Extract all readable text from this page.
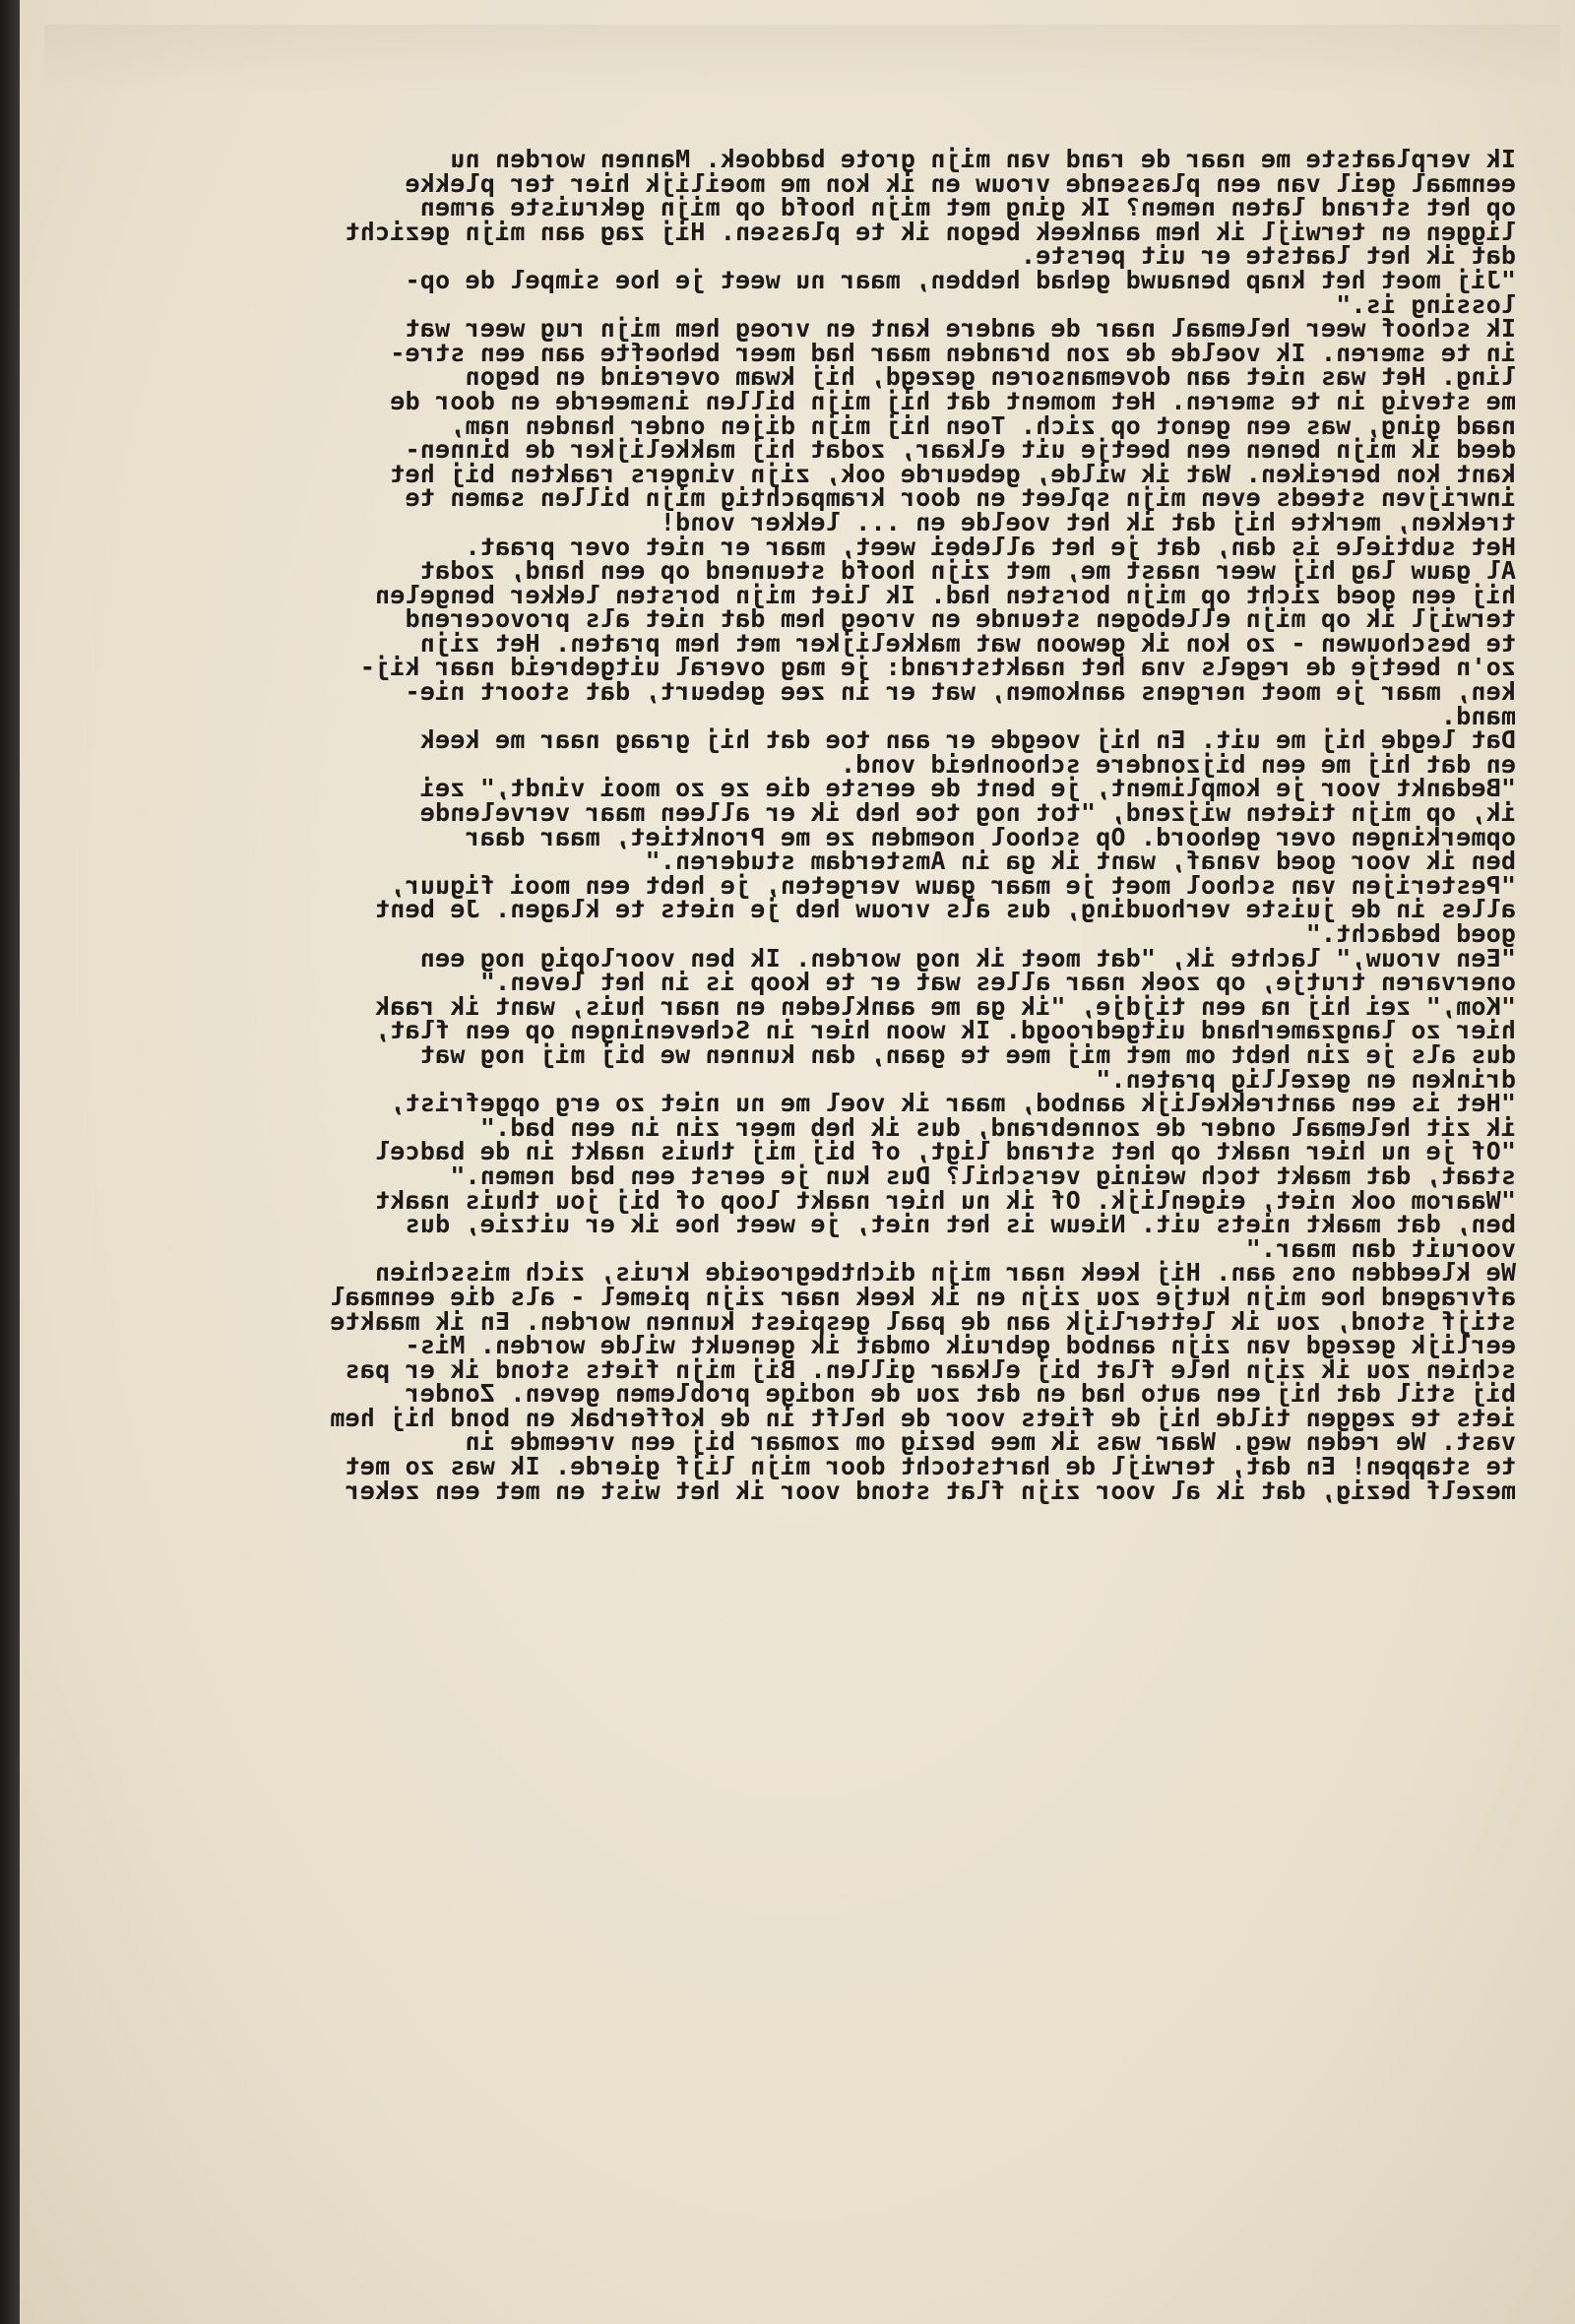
Ik verplaatste me naar de rand van mijn grote baddoek. Mannen worden nu
eenmaal geil van een plassende vrouw en ik kon me moeilijk hier ter plekke
op het strand laten nemen? Ik ging met mijn hoofd op mijn gekruiste armen
liggen en terwijl ik hem aankeek begon ik te plassen. Hij zag aan mijn gezicht
dat ik het laatste er uit perste.
"Jij moet het knap benauwd gehad hebben, maar nu weet je hoe simpel de op-
lossing is."
Ik schoof weer helemaal naar de andere kant en vroeg hem mijn rug weer wat
in te smeren. Ik voelde de zon branden maar had meer behoefte aan een stre-
ling. Het was niet aan dovemansoren gezegd, hij kwam overeind en begon
me stevig in te smeren. Het moment dat hij mijn billen insmeerde en door de
naad ging, was een genot op zich. Toen hij mijn dijen onder handen nam,
deed ik mijn benen een beetje uit elkaar, zodat hij makkelijker de binnen-
kant kon bereiken. Wat ik wilde, gebeurde ook, zijn vingers raakten bij het
inwrijven steeds even mijn spleet en door krampachtig mijn billen samen te
trekken, merkte hij dat ik het voelde en ... lekker vond!
Het subtiele is dan, dat je het allebei weet, maar er niet over praat.
Al gauw lag hij weer naast me, met zijn hoofd steunend op een hand, zodat
hij een goed zicht op mijn borsten had. Ik liet mijn borsten lekker bengelen
terwijl ik op mijn ellebogen steunde en vroeg hem dat niet als provocerend
te beschouwen - zo kon ik gewoon wat makkelijker met hem praten. Het zijn
zo'n beetje de regels vna het naaktstrand: je mag overal uitgebreid naar kij-
ken, maar je moet nergens aankomen, wat er in zee gebeurt, dat stoort nie-
mand.
Dat legde hij me uit. En hij voegde er aan toe dat hij graag naar me keek
en dat hij me een bijzondere schoonheid vond.
"Bedankt voor je kompliment, je bent de eerste die ze zo mooi vindt," zei
ik, op mijn tieten wijzend, "tot nog toe heb ik er alleen maar vervelende
opmerkingen over gehoord. Op school noemden ze me Pronktiet, maar daar
ben ik voor goed vanaf, want ik ga in Amsterdam studeren."
"Pesterijen van school moet je maar gauw vergeten, je hebt een mooi figuur,
alles in de juiste verhouding, dus als vrouw heb je niets te klagen. Je bent
goed bedacht."
"Een vrouw," lachte ik, "dat moet ik nog worden. Ik ben voorlopig nog een
onervaren trutje, op zoek naar alles wat er te koop is in het leven."
"Kom," zei hij na een tijdje, "ik ga me aankleden en naar huis, want ik raak
hier zo langzamerhand uitgedroogd. Ik woon hier in Scheveningen op een flat,
dus als je zin hebt om met mij mee te gaan, dan kunnen we bij mij nog wat
drinken en gezellig praten."
"Het is een aantrekkelijk aanbod, maar ik voel me nu niet zo erg opgefrist,
ik zit helemaal onder de zonnebrand, dus ik heb meer zin in een bad."
"Of je nu hier naakt op het strand ligt, of bij mij thuis naakt in de badcel
staat, dat maakt toch weinig verschil? Dus kun je eerst een bad nemen."
"Waarom ook niet, eigenlijk. Of ik nu hier naakt loop of bij jou thuis naakt
ben, dat maakt niets uit. Nieuw is het niet, je weet hoe ik er uitzie, dus
vooruit dan maar."
We kleedden ons aan. Hij keek naar mijn dichtbegroeide kruis, zich misschien
afvragend hoe mijn kutje zou zijn en ik keek naar zijn piemel - als die eenmaal
stijf stond, zou ik letterlijk aan de paal gespiest kunnen worden. En ik maakte
eerlijk gezegd van zijn aanbod gebruik omdat ik geneukt wilde worden. Mis-
schien zou ik zijn hele flat bij elkaar gillen. Bij mijn fiets stond ik er pas
bij stil dat hij een auto had en dat zou de nodige problemen geven. Zonder
iets te zeggen tilde hij de fiets voor de helft in de kofferbak en bond hij hem
vast. We reden weg. Waar was ik mee bezig om zomaar bij een vreemde in
te stappen! En dat, terwijl de hartstocht door mijn lijf gierde. Ik was zo met
mezelf bezig, dat ik al voor zijn flat stond voor ik het wist en met een zeker
